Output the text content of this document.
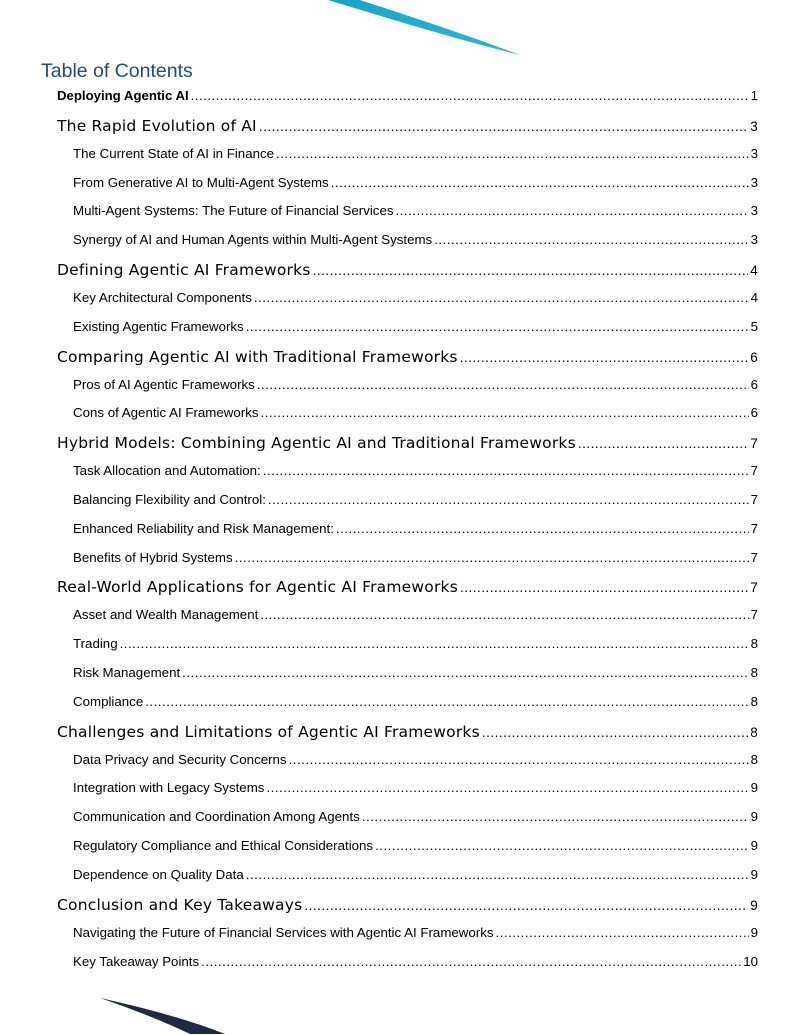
Table of Contents
Deploying Agentic AI .....	1
The Rapid Evolution of AI .....	3
The Current State of AI in Finance .....	3
From Generative AI to Multi-Agent Systems .....	3
Multi-Agent Systems: The Future of Financial Services .....	3
Synergy of AI and Human Agents within Multi-Agent Systems .....	3
Defining Agentic AI Frameworks .....	4
Key Architectural Components .....	4
Existing Agentic Frameworks .....	5
Comparing Agentic AI with Traditional Frameworks .....	6
Pros of AI Agentic Frameworks .....	6
Cons of Agentic AI Frameworks .....	6
Hybrid Models: Combining Agentic AI and Traditional Frameworks .....	7
Task Allocation and Automation: .....	7
Balancing Flexibility and Control: .....	7
Enhanced Reliability and Risk Management: .....	7
Benefits of Hybrid Systems .....	7
Real-World Applications for Agentic AI Frameworks .....	7
Asset and Wealth Management .....	7
Trading .....	8
Risk Management .....	8
Compliance .....	8
Challenges and Limitations of Agentic AI Frameworks .....	8
Data Privacy and Security Concerns .....	8
Integration with Legacy Systems .....	9
Communication and Coordination Among Agents .....	9
Regulatory Compliance and Ethical Considerations .....	9
Dependence on Quality Data .....	9
Conclusion and Key Takeaways .....	9
Navigating the Future of Financial Services with Agentic AI Frameworks .....	9
Key Takeaway Points .....	10
